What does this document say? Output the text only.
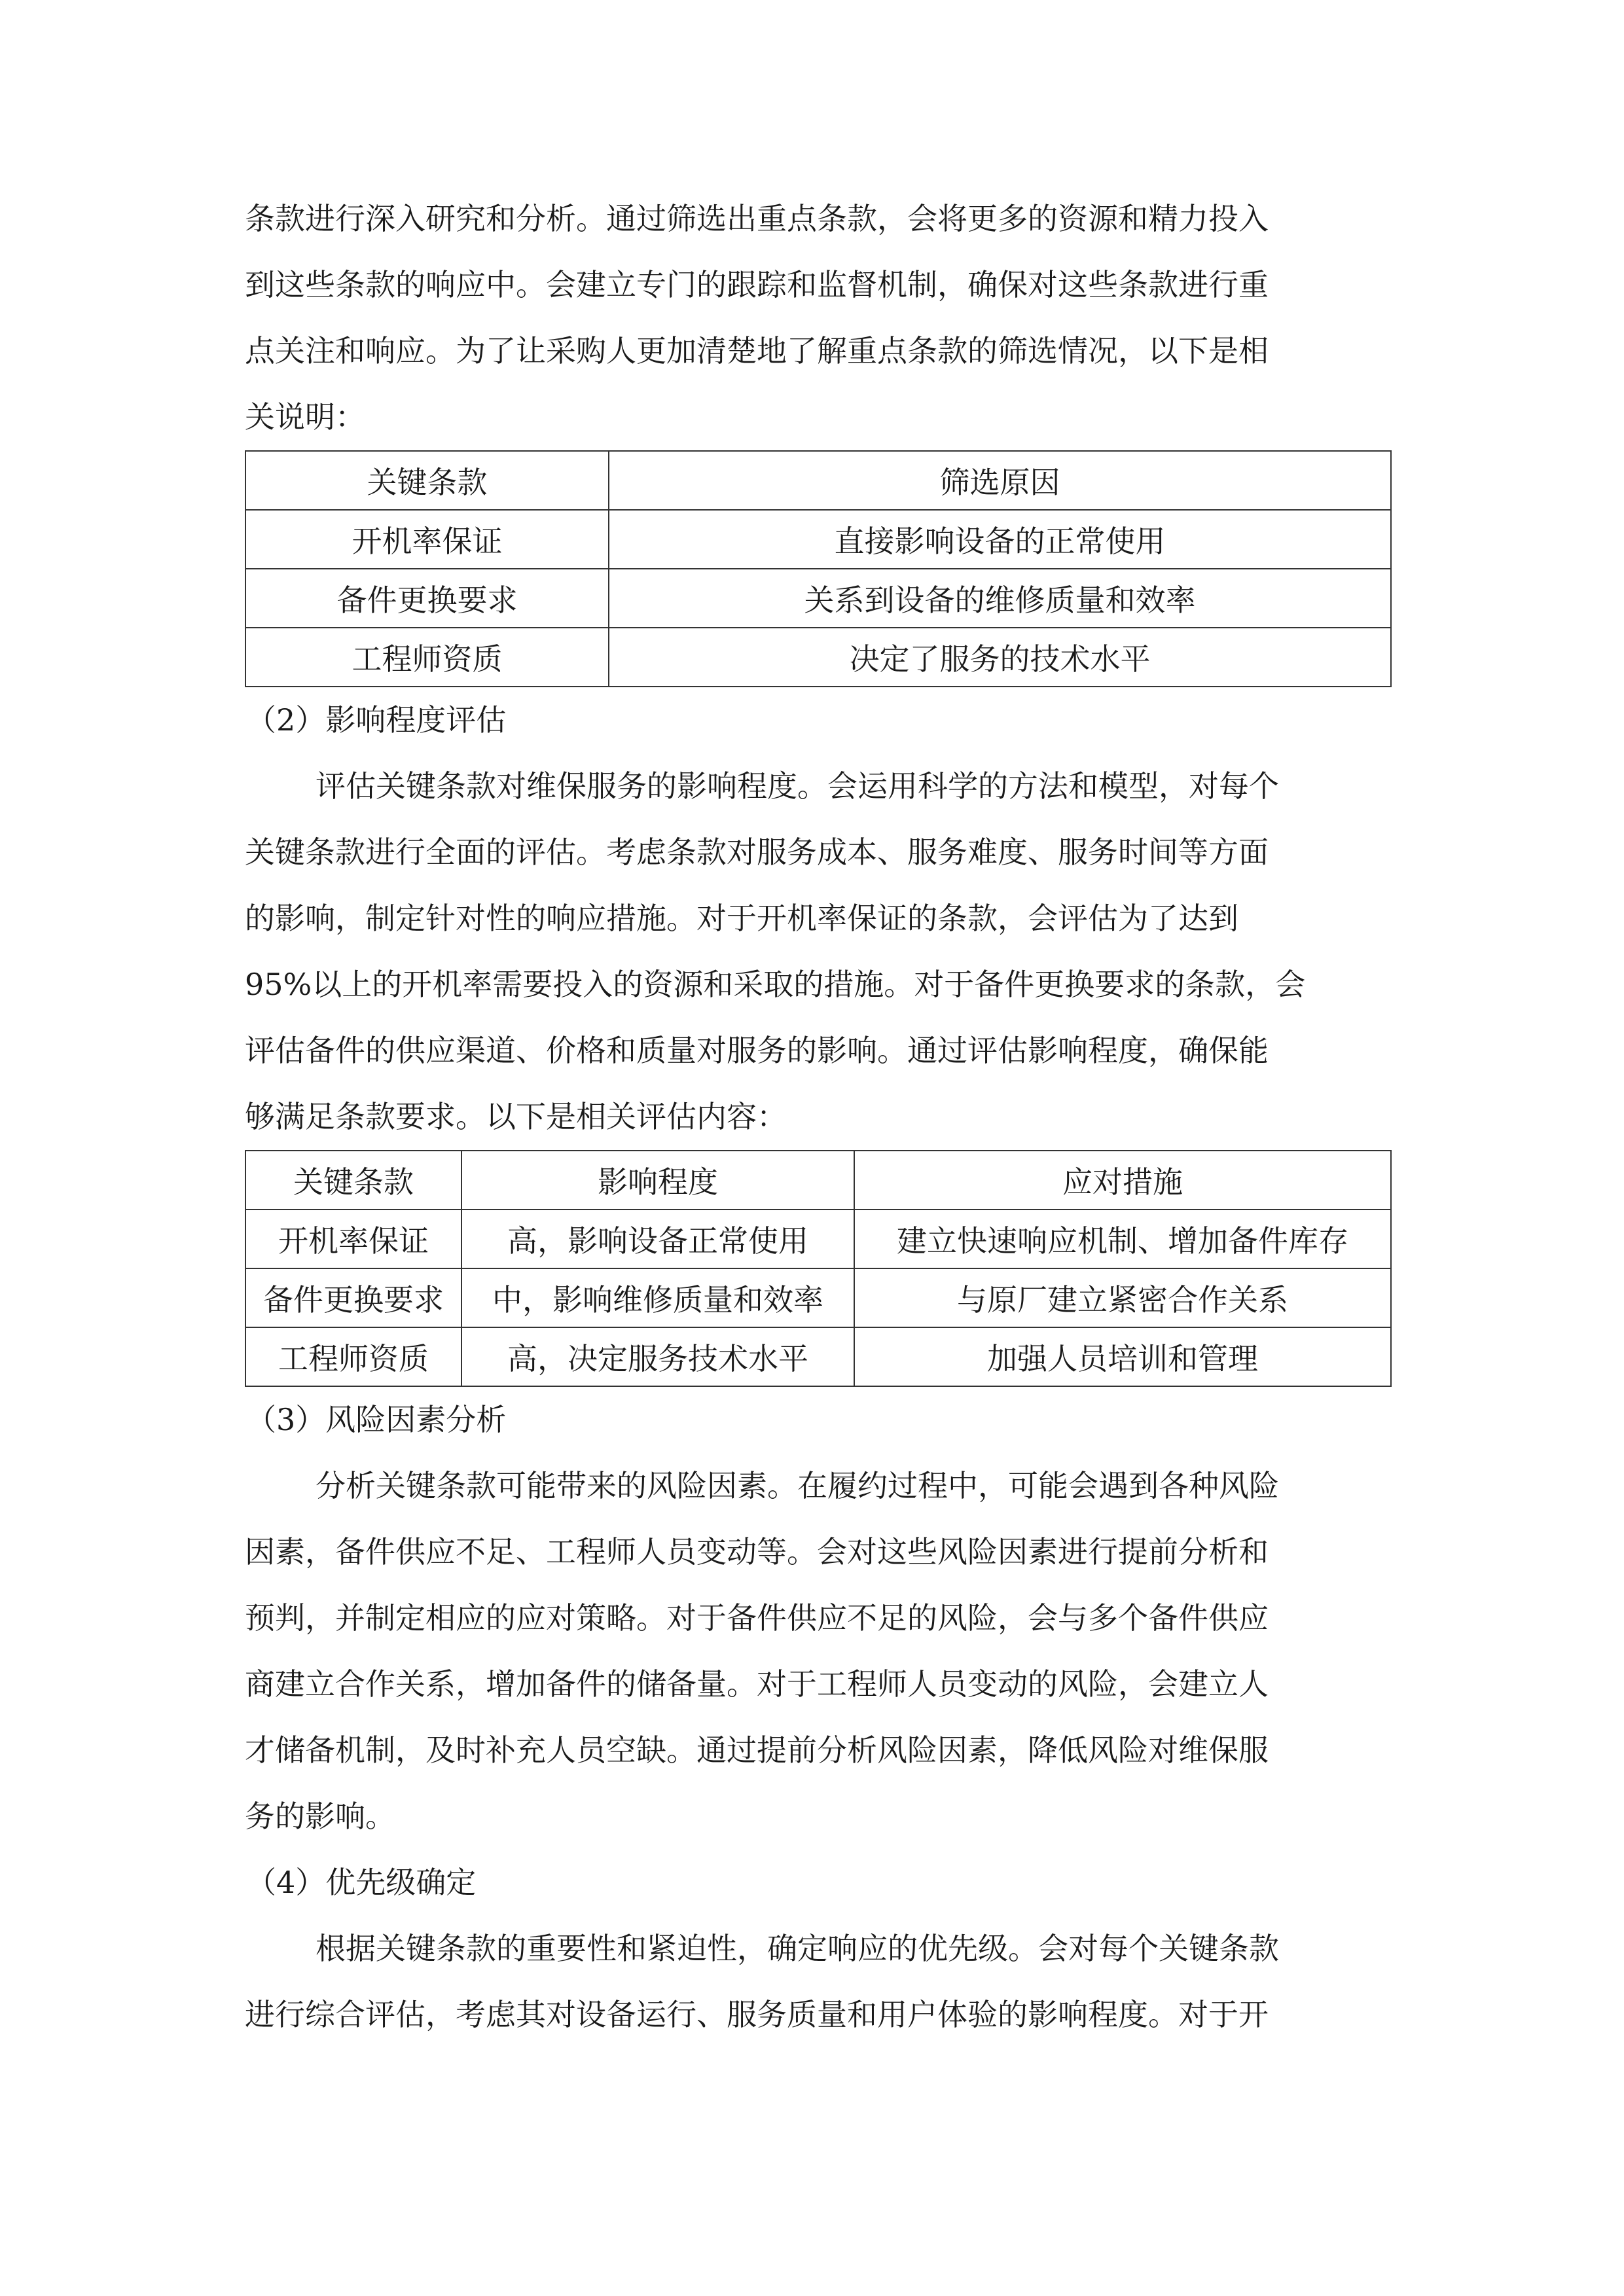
条款进行深入研究和分析。通过筛选出重点条款，会将更多的资源和精力投入

到这些条款的响应中。会建立专门的跟踪和监督机制，确保对这些条款进行重

点关注和响应。为了让采购人更加清楚地了解重点条款的筛选情况，以下是相

关说明：

关键条款	筛选原因
开机率保证	直接影响设备的正常使用
备件更换要求	关系到设备的维修质量和效率
工程师资质	决定了服务的技术水平

（2）影响程度评估

评估关键条款对维保服务的影响程度。会运用科学的方法和模型，对每个

关键条款进行全面的评估。考虑条款对服务成本、服务难度、服务时间等方面

的影响，制定针对性的响应措施。对于开机率保证的条款，会评估为了达到

95%以上的开机率需要投入的资源和采取的措施。对于备件更换要求的条款，会

评估备件的供应渠道、价格和质量对服务的影响。通过评估影响程度，确保能

够满足条款要求。以下是相关评估内容：

关键条款	影响程度	应对措施
开机率保证	高，影响设备正常使用	建立快速响应机制、增加备件库存
备件更换要求	中，影响维修质量和效率	与原厂建立紧密合作关系
工程师资质	高，决定服务技术水平	加强人员培训和管理

（3）风险因素分析

分析关键条款可能带来的风险因素。在履约过程中，可能会遇到各种风险

因素，备件供应不足、工程师人员变动等。会对这些风险因素进行提前分析和

预判，并制定相应的应对策略。对于备件供应不足的风险，会与多个备件供应

商建立合作关系，增加备件的储备量。对于工程师人员变动的风险，会建立人

才储备机制，及时补充人员空缺。通过提前分析风险因素，降低风险对维保服

务的影响。

（4）优先级确定

根据关键条款的重要性和紧迫性，确定响应的优先级。会对每个关键条款

进行综合评估，考虑其对设备运行、服务质量和用户体验的影响程度。对于开
